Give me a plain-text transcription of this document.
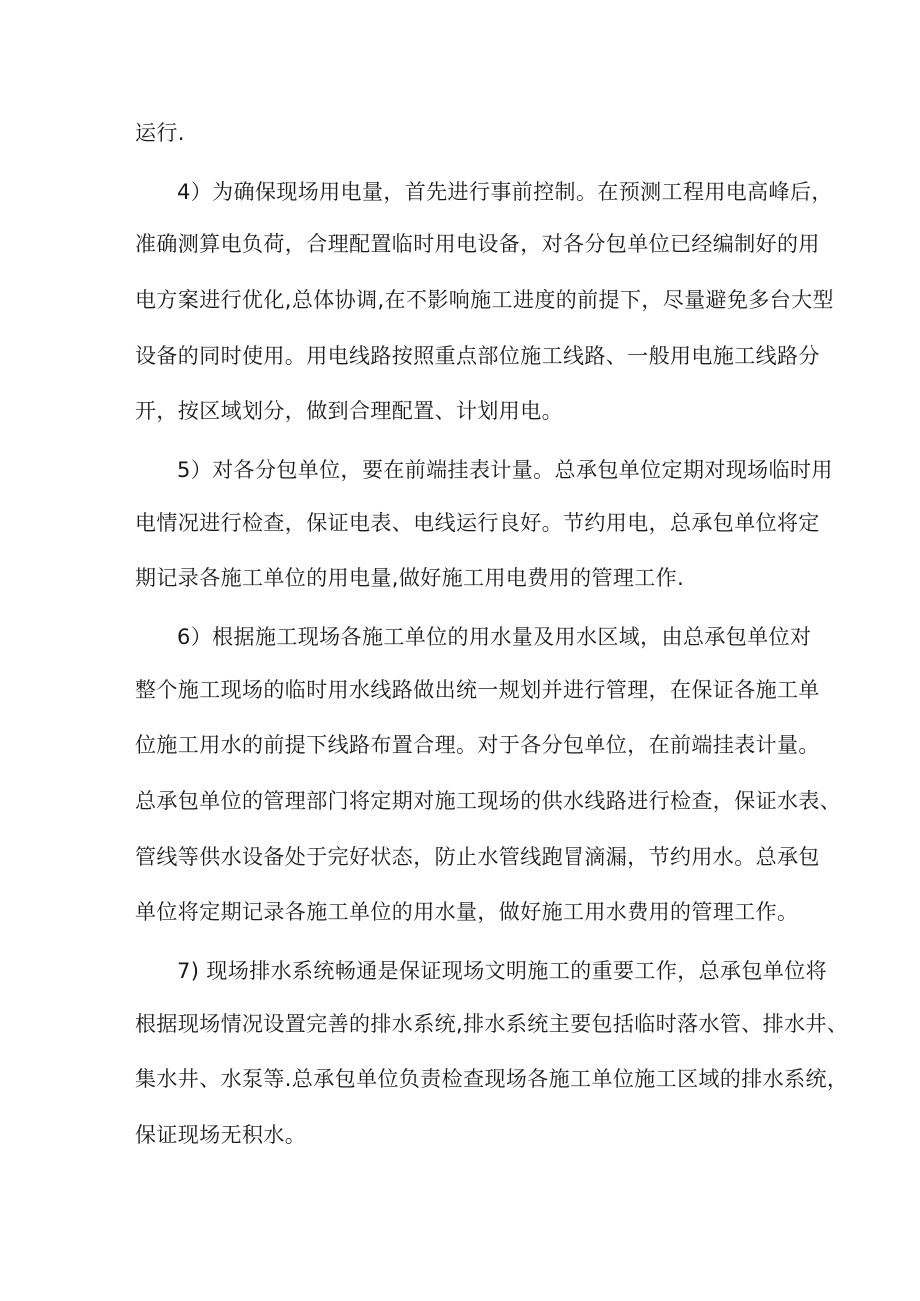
运行.
4）为确保现场用电量，首先进行事前控制。在预测工程用电高峰后，
准确测算电负荷，合理配置临时用电设备，对各分包单位已经编制好的用
电方案进行优化,总体协调,在不影响施工进度的前提下，尽量避免多台大型
设备的同时使用。用电线路按照重点部位施工线路、一般用电施工线路分
开，按区域划分，做到合理配置、计划用电。
5）对各分包单位，要在前端挂表计量。总承包单位定期对现场临时用
电情况进行检查，保证电表、电线运行良好。节约用电，总承包单位将定
期记录各施工单位的用电量,做好施工用电费用的管理工作.
6）根据施工现场各施工单位的用水量及用水区域，由总承包单位对
整个施工现场的临时用水线路做出统一规划并进行管理，在保证各施工单
位施工用水的前提下线路布置合理。对于各分包单位，在前端挂表计量。
总承包单位的管理部门将定期对施工现场的供水线路进行检查，保证水表、
管线等供水设备处于完好状态，防止水管线跑冒滴漏，节约用水。总承包
单位将定期记录各施工单位的用水量，做好施工用水费用的管理工作。
7) 现场排水系统畅通是保证现场文明施工的重要工作，总承包单位将
根据现场情况设置完善的排水系统,排水系统主要包括临时落水管、排水井、
集水井、水泵等.总承包单位负责检查现场各施工单位施工区域的排水系统，
保证现场无积水。
